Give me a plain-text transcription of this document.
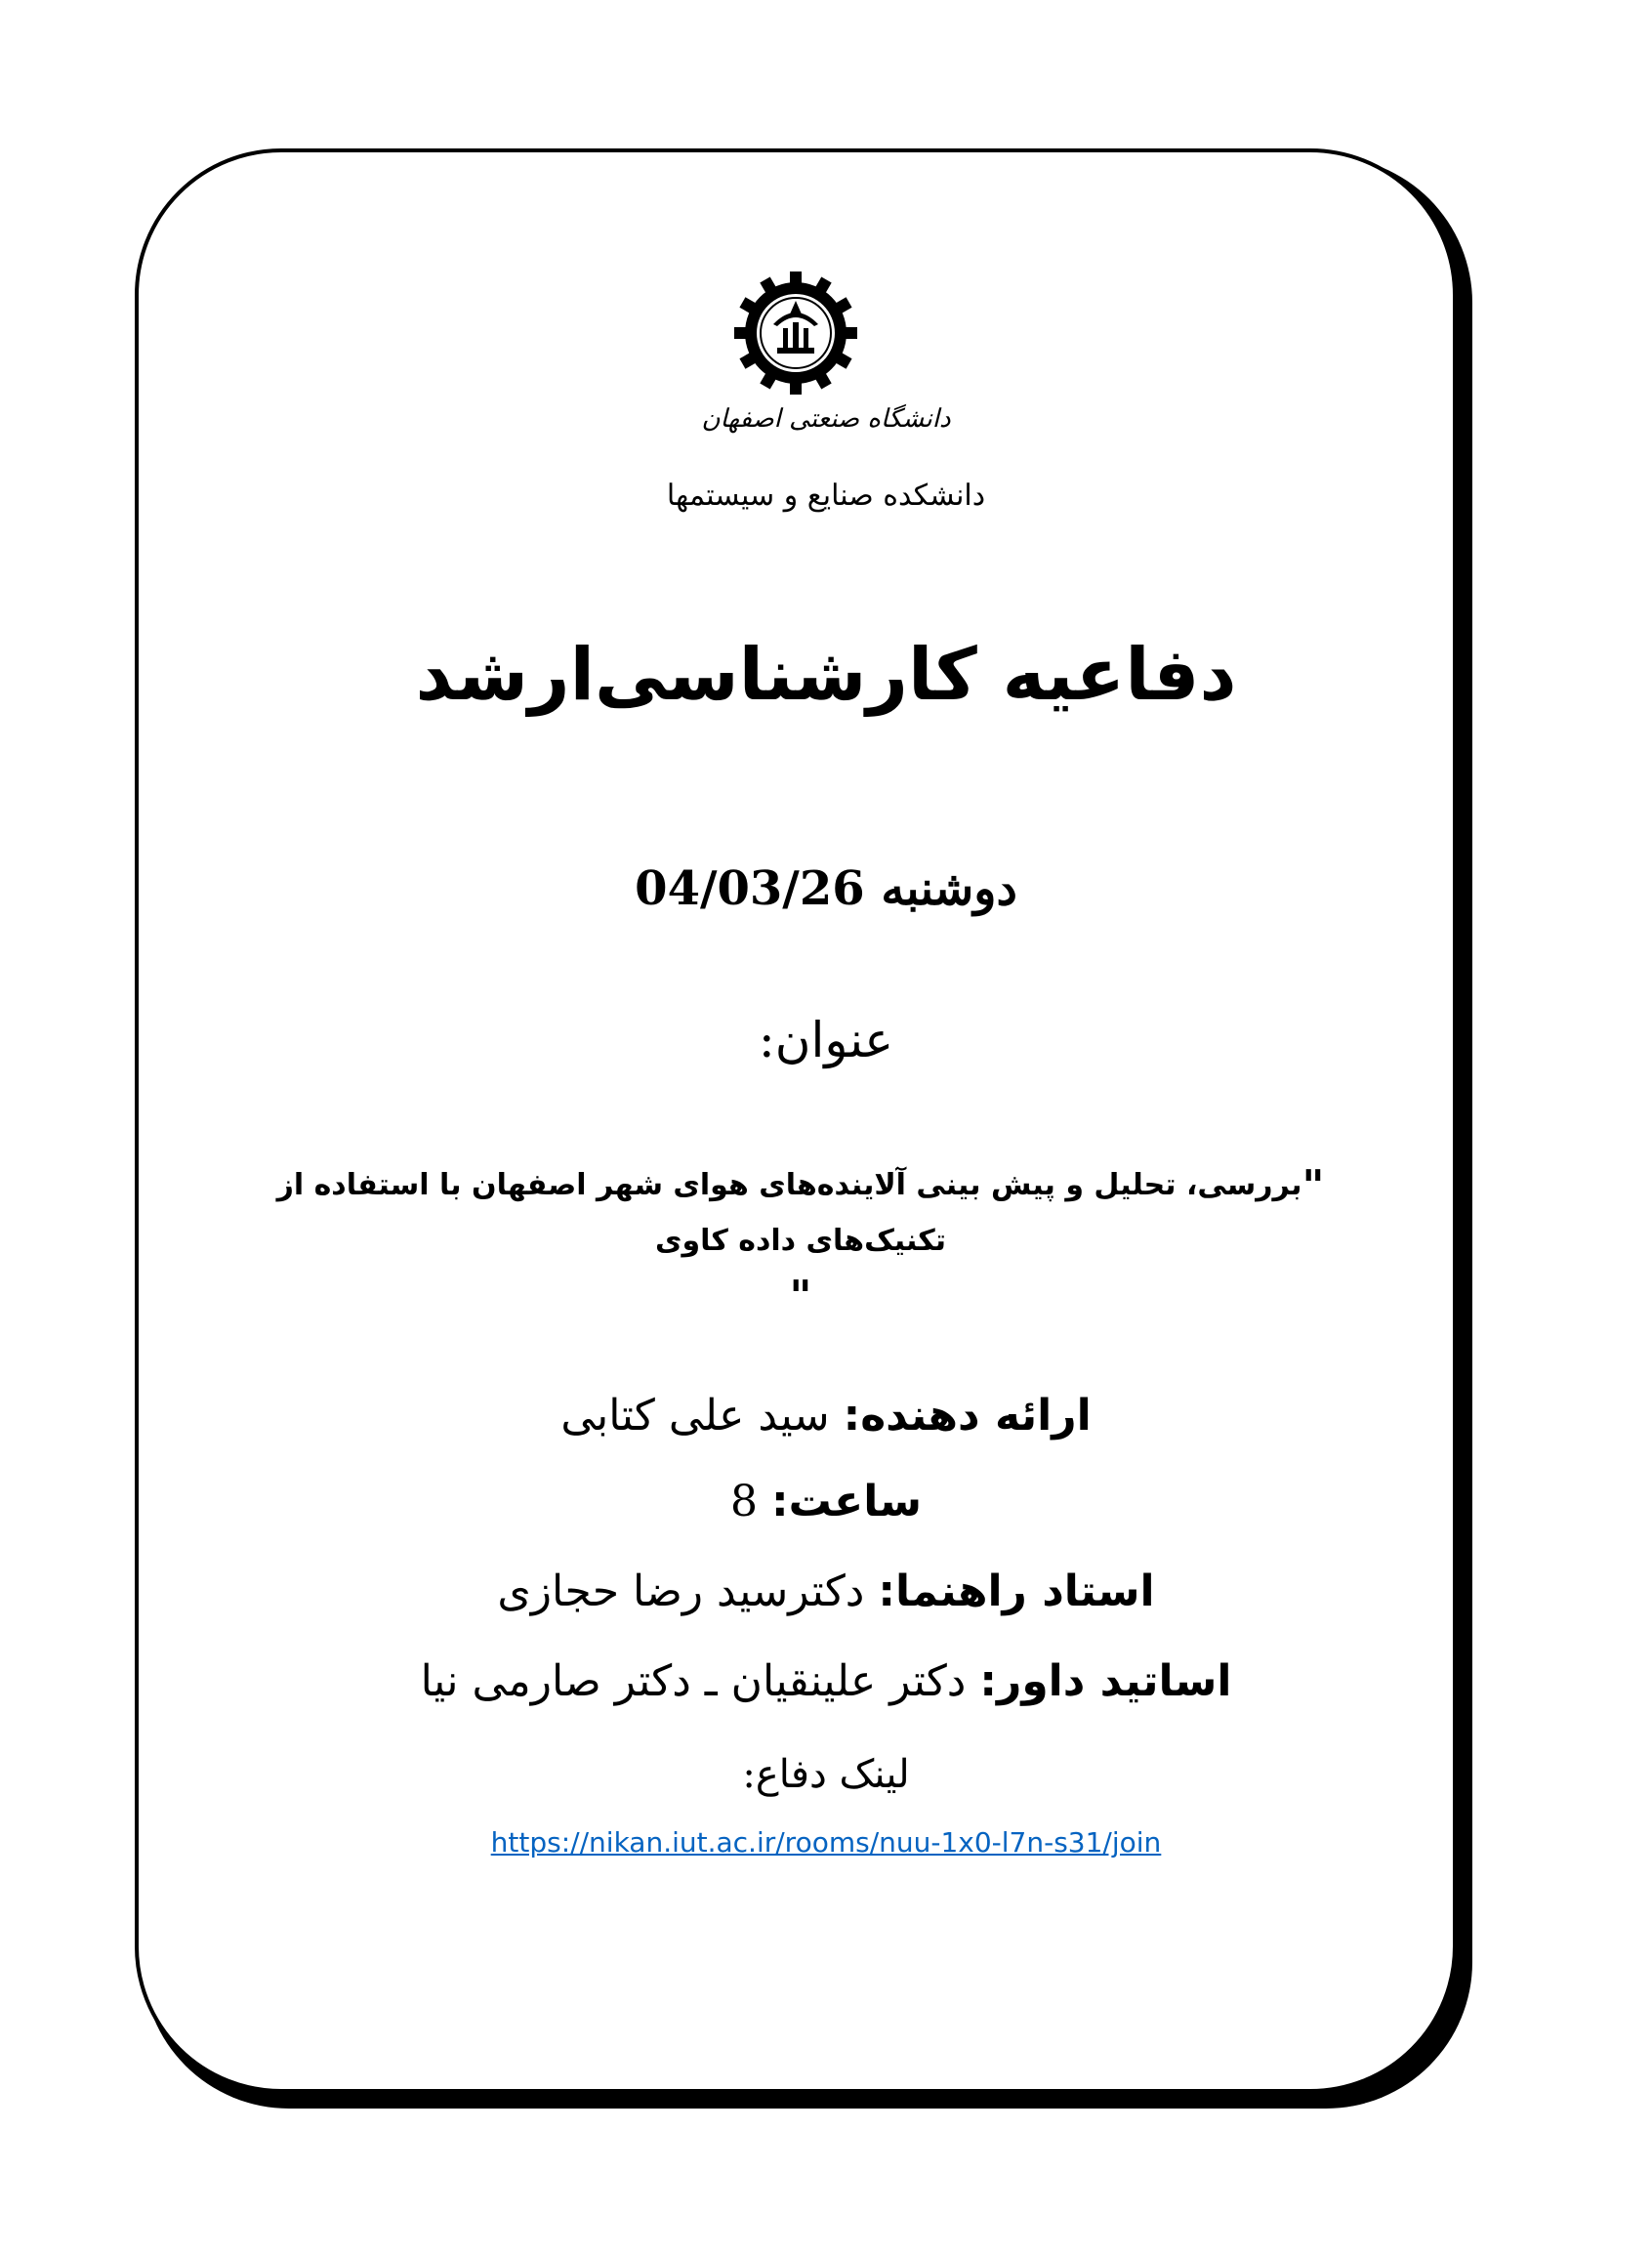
دانشگاه صنعتی اصفهان
دانشکده صنایع و سیستمها
دفاعیه کارشناسی‌ارشد
دوشنبه 04/03/26
عنوان:
"بررسی، تحلیل و پیش بینی آلاینده‌های هوای شهر اصفهان با استفاده از تکنیک‌های داده کاوی
"
ارائه دهنده: سید علی کتابی
ساعت: 8
استاد راهنما: دکترسید رضا حجازی
اساتید داور: دکتر علینقیان ـ دکتر صارمی نیا
لینک دفاع:
https://nikan.iut.ac.ir/rooms/nuu-1x0-l7n-s31/join
